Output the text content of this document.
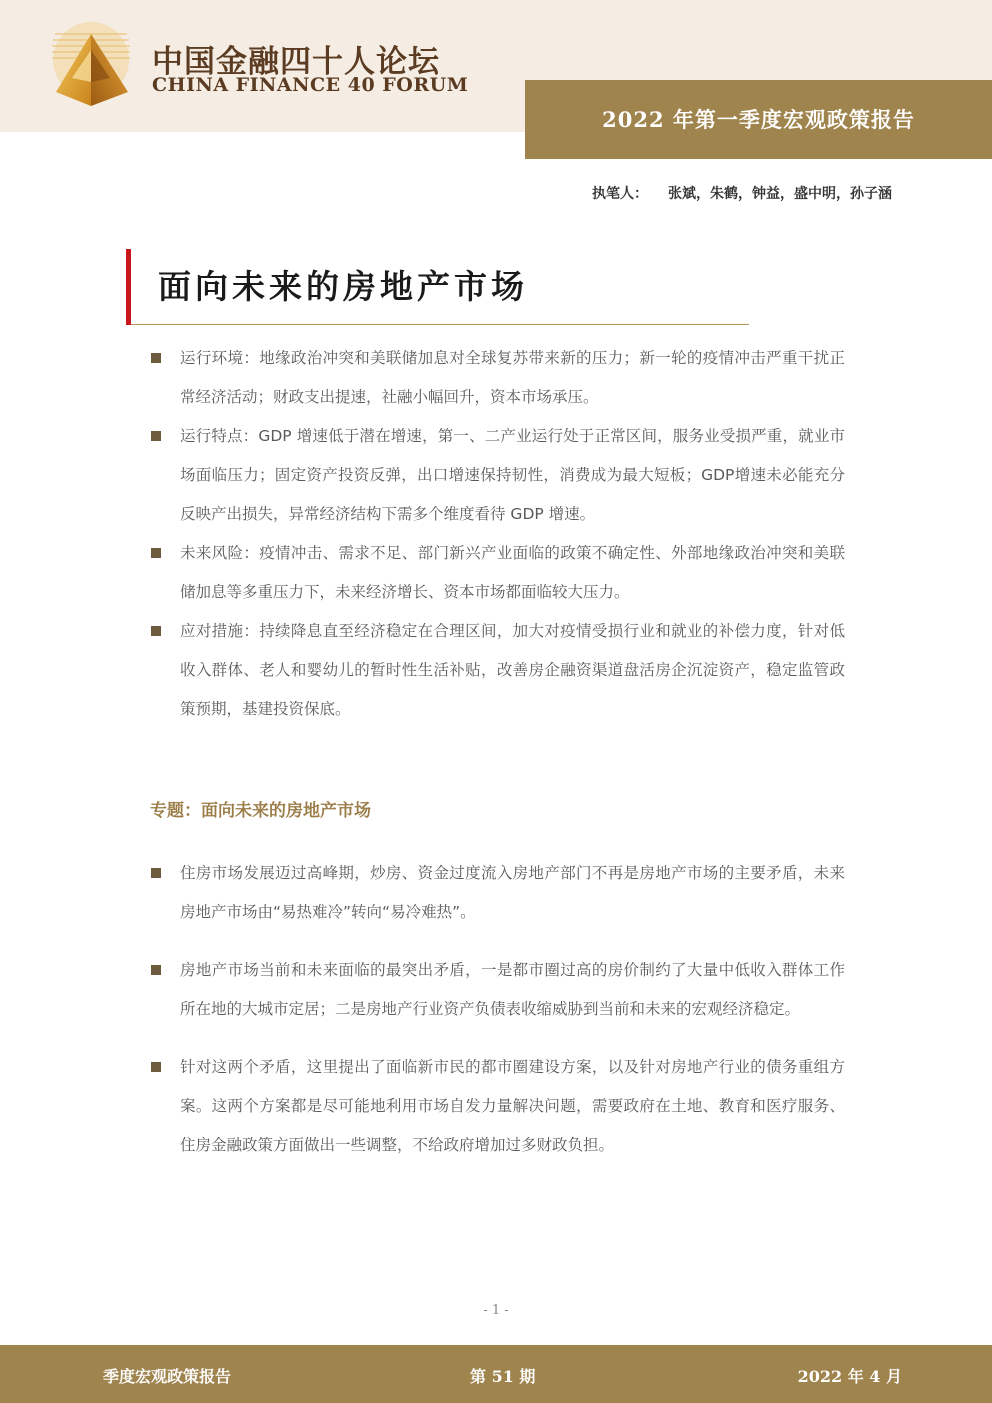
中国金融四十人论坛
CHINA FINANCE 40 FORUM
2022 年第一季度宏观政策报告
执笔人： 张斌，朱鹤，钟益，盛中明，孙子涵
面向未来的房地产市场
运行环境：地缘政治冲突和美联储加息对全球复苏带来新的压力；新一轮的疫情冲击严重干扰正常经济活动；财政支出提速，社融小幅回升，资本市场承压。
运行特点：GDP 增速低于潜在增速，第一、二产业运行处于正常区间，服务业受损严重，就业市场面临压力；固定资产投资反弹，出口增速保持韧性，消费成为最大短板；GDP增速未必能充分反映产出损失，异常经济结构下需多个维度看待 GDP 增速。
未来风险：疫情冲击、需求不足、部门新兴产业面临的政策不确定性、外部地缘政治冲突和美联储加息等多重压力下，未来经济增长、资本市场都面临较大压力。
应对措施：持续降息直至经济稳定在合理区间，加大对疫情受损行业和就业的补偿力度，针对低收入群体、老人和婴幼儿的暂时性生活补贴，改善房企融资渠道盘活房企沉淀资产，稳定监管政策预期，基建投资保底。
专题：面向未来的房地产市场
住房市场发展迈过高峰期，炒房、资金过度流入房地产部门不再是房地产市场的主要矛盾，未来房地产市场由“易热难冷”转向“易冷难热”。
房地产市场当前和未来面临的最突出矛盾，一是都市圈过高的房价制约了大量中低收入群体工作所在地的大城市定居；二是房地产行业资产负债表收缩威胁到当前和未来的宏观经济稳定。
针对这两个矛盾，这里提出了面临新市民的都市圈建设方案，以及针对房地产行业的债务重组方案。这两个方案都是尽可能地利用市场自发力量解决问题，需要政府在土地、教育和医疗服务、住房金融政策方面做出一些调整，不给政府增加过多财政负担。
- 1 -
季度宏观政策报告	第 51 期	2022 年 4 月
